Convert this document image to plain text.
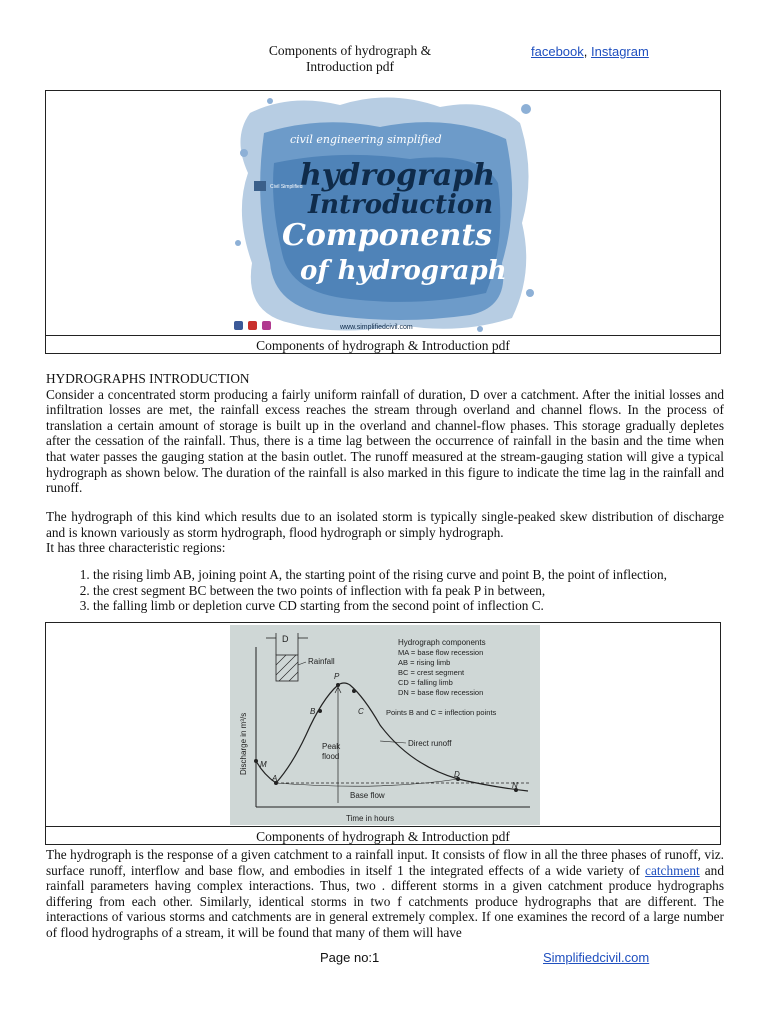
Components of hydrograph &
Introduction pdf
facebook, Instagram
Civil Simplified
civil engineering simplified
hydrograph
Introduction
Components
of hydrograph
www.simplifiedcivil.com
Components of hydrograph & Introduction pdf

HYDROGRAPHS INTRODUCTION

Consider a concentrated storm producing a fairly uniform rainfall of duration, D over a catchment. After the initial losses and infiltration losses are met, the rainfall excess reaches the stream through overland and channel flows. In the process of translation a certain amount of storage is built up in the overland and channel-flow phases. This storage gradually depletes after the cessation of the rainfall. Thus, there is a time lag between the occurrence of rainfall in the basin and the time when that water passes the gauging station at the basin outlet. The runoff measured at the stream-gauging station will give a typical hydrograph as shown below. The duration of the rainfall is also marked in this figure to indicate the time lag in the rainfall and runoff.

The hydrograph of this kind which results due to an isolated storm is typically single-peaked skew distribution of discharge and is known variously as storm hydrograph, flood hydrograph or simply hydrograph.

It has three characteristic regions:

1. the rising limb AB, joining point A, the starting point of the rising curve and point B, the point of inflection,
2. the crest segment BC between the two points of inflection with fa peak P in between,
3. the falling limb or depletion curve CD starting from the second point of inflection C.
D
Rainfall
Hydrograph components
MA = base flow recession
AB = rising limb
BC = crest segment
CD = falling limb
DN = base flow recession
Points B and C = inflection points
Discharge in m³/s	Peak
flood
Direct runoff
Base flow
M
A
B
P
C
D
N
Time in hours
Components of hydrograph & Introduction pdf

The hydrograph is the response of a given catchment to a rainfall input. It consists of flow in all the three phases of runoff, viz. surface runoff, interflow and base flow, and embodies in itself 1 the integrated effects of a wide variety of catchment and rainfall parameters having complex interactions. Thus, two . different storms in a given catchment produce hydrographs differing from each other. Similarly, identical storms in two f catchments produce hydrographs that are different. The interactions of various storms and catchments are in general extremely complex. If one examines the record of a large number of flood hydrographs of a stream, it will be found that many of them will have

Page no:1	Simplifiedcivil.com
